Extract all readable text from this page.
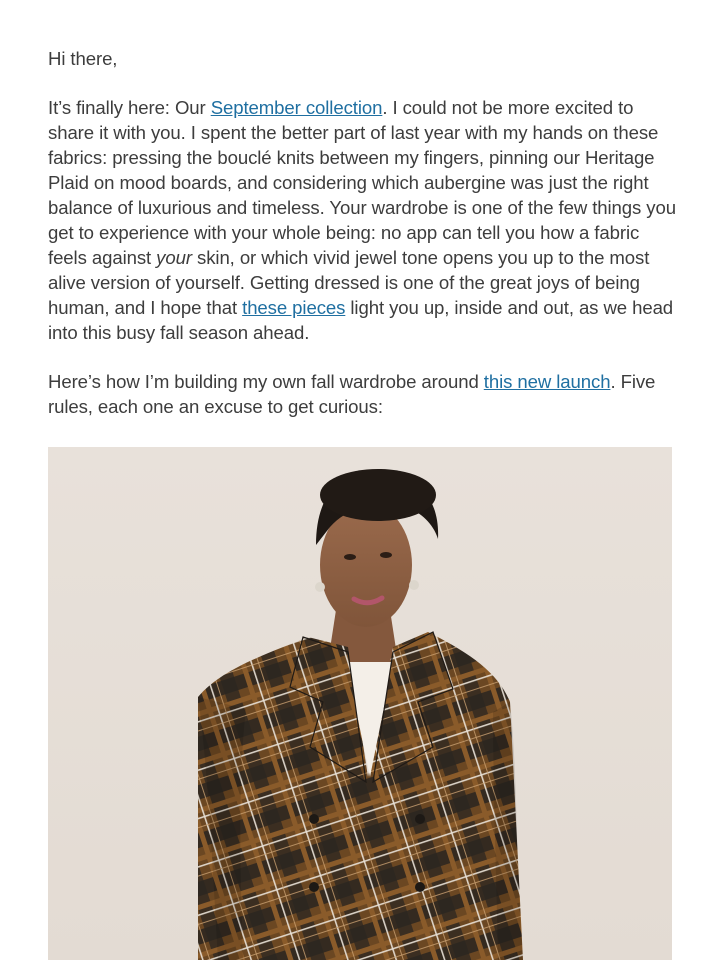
Hi there,

It’s finally here: Our September collection. I could not be more excited to share it with you. I spent the better part of last year with my hands on these fabrics: pressing the bouclé knits between my fingers, pinning our Heritage Plaid on mood boards, and considering which aubergine was just the right balance of luxurious and timeless. Your wardrobe is one of the few things you get to experience with your whole being: no app can tell you how a fabric feels against your skin, or which vivid jewel tone opens you up to the most alive version of yourself. Getting dressed is one of the great joys of being human, and I hope that these pieces light you up, inside and out, as we head into this busy fall season ahead.

Here’s how I’m building my own fall wardrobe around this new launch. Five rules, each one an excuse to get curious:
